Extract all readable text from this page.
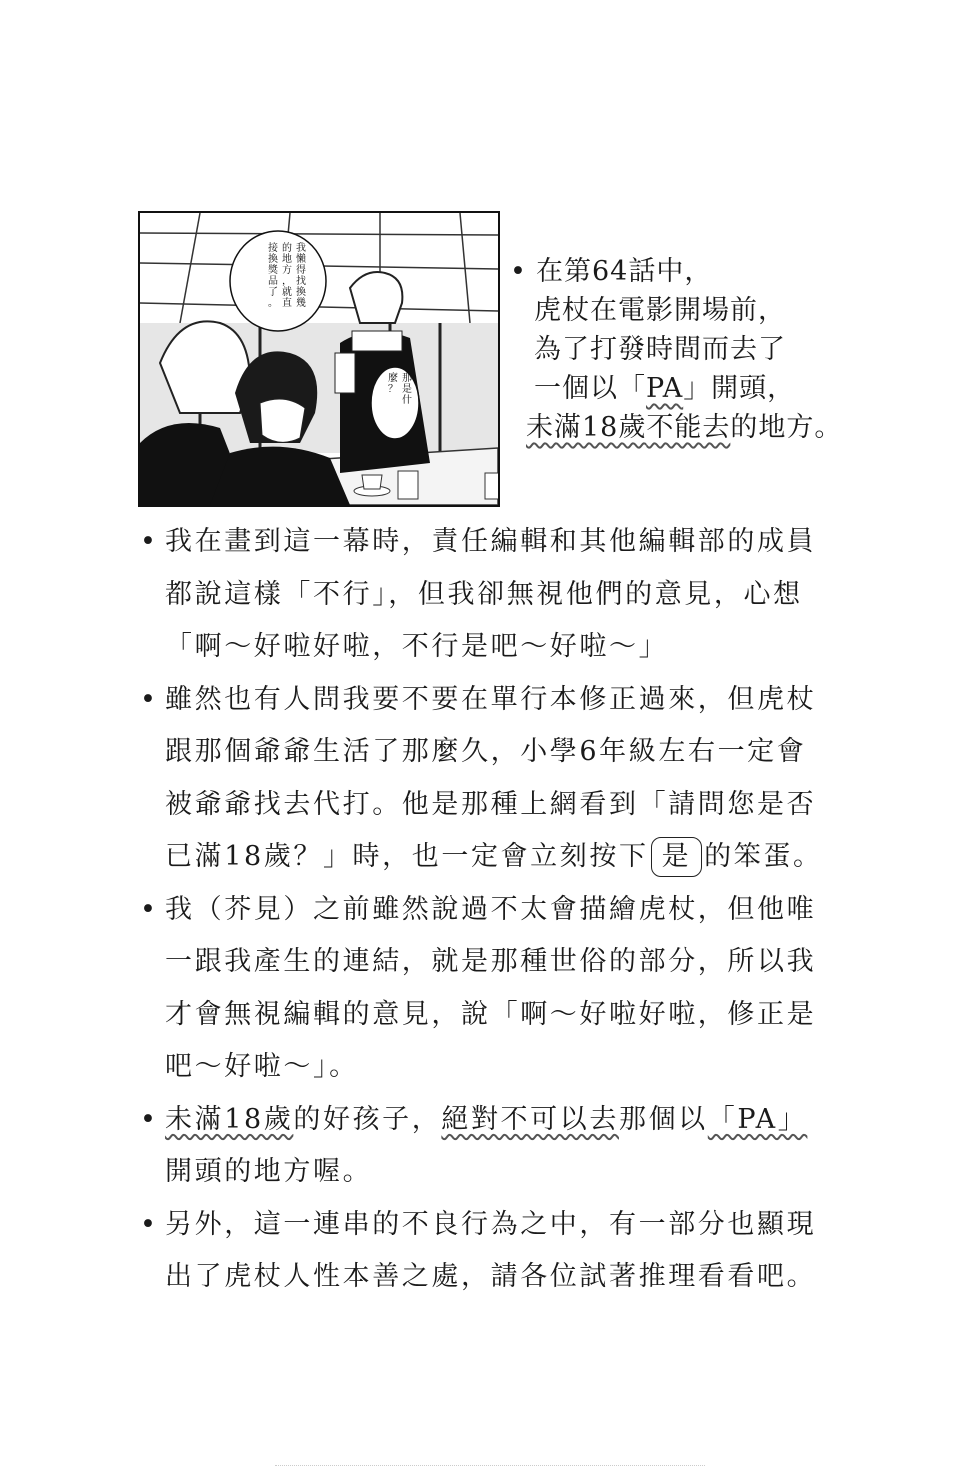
我懶得找換幾
的地方，就直
接換獎品了。
那是什
麼？
• 在第64話中，
虎杖在電影開場前，
為了打發時間而去了
一個以「PA」開頭，
未滿18歲不能去的地方。
• 我在畫到這一幕時，責任編輯和其他編輯部的成員
都說這樣「不行」，但我卻無視他們的意見，心想
「啊～好啦好啦，不行是吧～好啦～」
• 雖然也有人問我要不要在單行本修正過來，但虎杖
跟那個爺爺生活了那麼久，小學6年級左右一定會
被爺爺找去代打。他是那種上網看到「請問您是否
已滿18歲？」時，也一定會立刻按下 是 的笨蛋。
• 我（芥見）之前雖然說過不太會描繪虎杖，但他唯
一跟我產生的連結，就是那種世俗的部分，所以我
才會無視編輯的意見，說「啊～好啦好啦，修正是
吧～好啦～」。
• 未滿18歲的好孩子，絕對不可以去那個以「PA」
開頭的地方喔。
• 另外，這一連串的不良行為之中，有一部分也顯現
出了虎杖人性本善之處，請各位試著推理看看吧。
